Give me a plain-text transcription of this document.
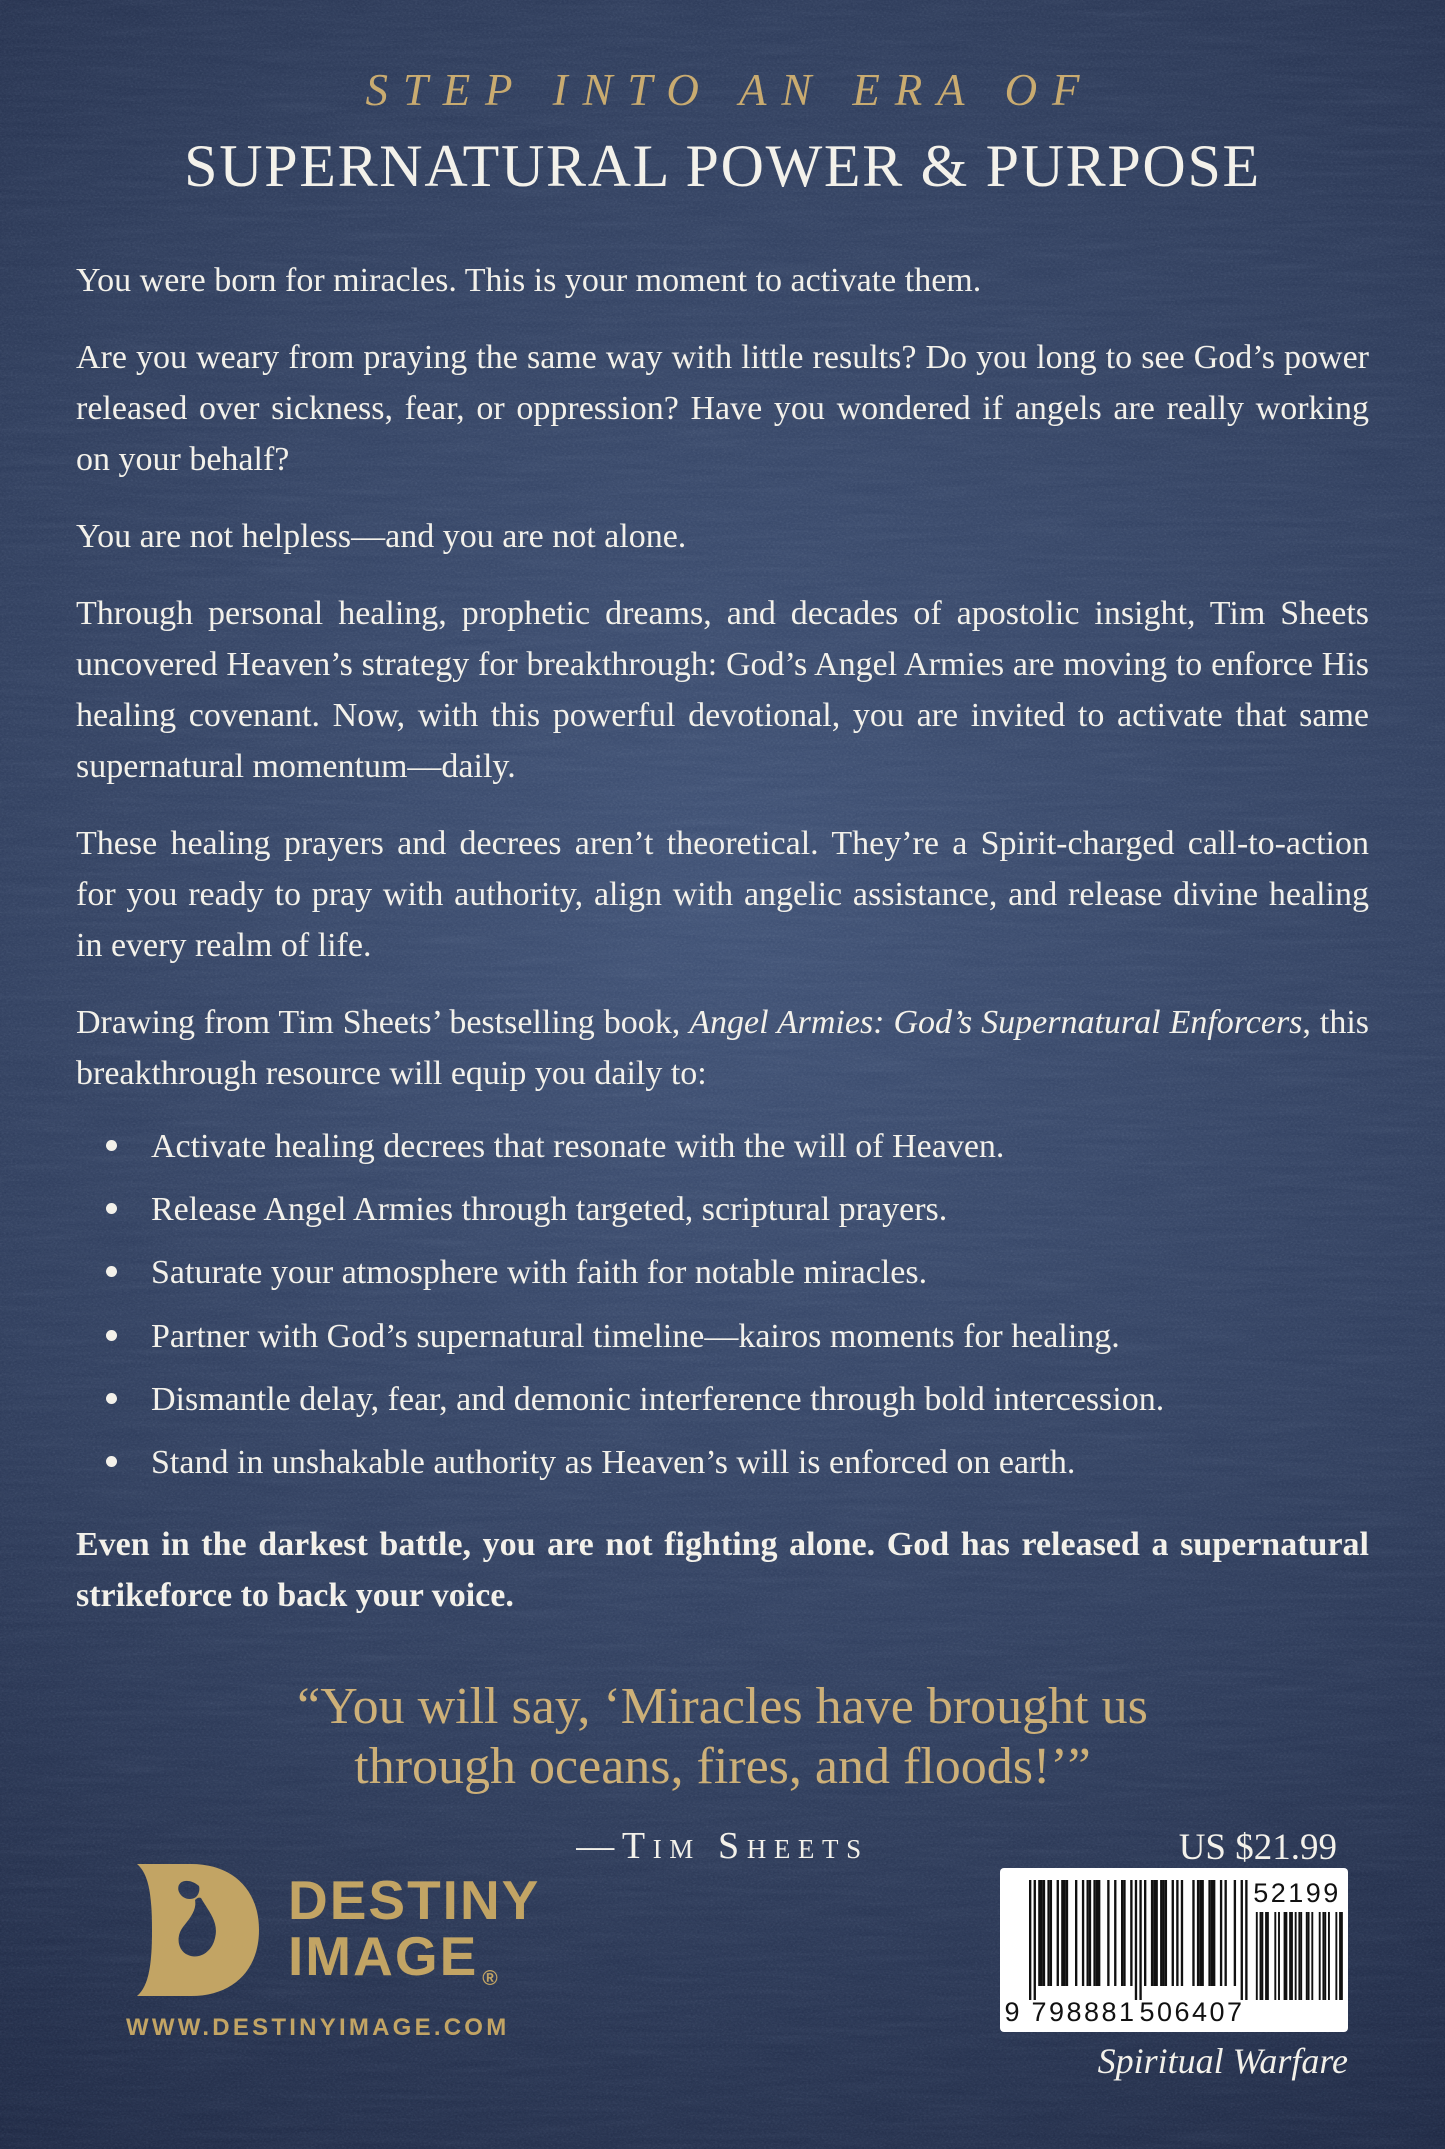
STEP INTO AN ERA OF
SUPERNATURAL POWER & PURPOSE

You were born for miracles. This is your moment to activate them.

Are you weary from praying the same way with little results? Do you long to see God’s power released over sickness, fear, or oppression? Have you wondered if angels are really working on your behalf?

You are not helpless—and you are not alone.

Through personal healing, prophetic dreams, and decades of apostolic insight, Tim Sheets uncovered Heaven’s strategy for breakthrough: God’s Angel Armies are moving to enforce His healing covenant. Now, with this powerful devotional, you are invited to activate that same supernatural momentum—daily.

These healing prayers and decrees aren’t theoretical. They’re a Spirit-charged call-to-action for you ready to pray with authority, align with angelic assistance, and release divine healing in every realm of life.

Drawing from Tim Sheets’ bestselling book, Angel Armies: God’s Supernatural Enforcers, this breakthrough resource will equip you daily to:

Activate healing decrees that resonate with the will of Heaven.
Release Angel Armies through targeted, scriptural prayers.
Saturate your atmosphere with faith for notable miracles.
Partner with God’s supernatural timeline—kairos moments for healing.
Dismantle delay, fear, and demonic interference through bold intercession.
Stand in unshakable authority as Heaven’s will is enforced on earth.

Even in the darkest battle, you are not fighting alone. God has released a supernatural strikeforce to back your voice.

“You will say, ‘Miracles have brought us
through oceans, fires, and floods!’”
—Tim Sheets	US $21.99
DESTINY
IMAGE ®
WWW.DESTINYIMAGE.COM
9 798881 506407
52199
Spiritual Warfare
